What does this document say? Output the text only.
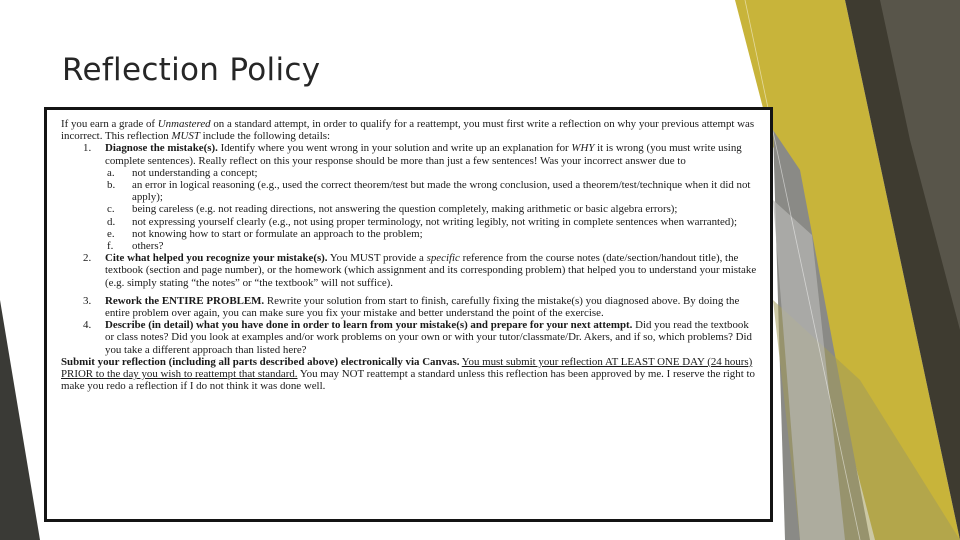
Reflection Policy

If you earn a grade of Unmastered on a standard attempt, in order to qualify for a reattempt, you must first write a reflection on why your previous attempt was incorrect. This reflection MUST include the following details:

1.	Diagnose the mistake(s). Identify where you went wrong in your solution and write up an explanation for WHY it is wrong (you must write using complete sentences). Really reflect on this your response should be more than just a few sentences! Was your incorrect answer due to
a.	not understanding a concept;
b.	an error in logical reasoning (e.g., used the correct theorem/test but made the wrong conclusion, used a theorem/test/technique when it did not apply);
c.	being careless (e.g. not reading directions, not answering the question completely, making arithmetic or basic algebra errors);
d.	not expressing yourself clearly (e.g., not using proper terminology, not writing legibly, not writing in complete sentences when warranted);
e.	not knowing how to start or formulate an approach to the problem;
f.	others?
2.	Cite what helped you recognize your mistake(s). You MUST provide a specific reference from the course notes (date/section/handout title), the textbook (section and page number), or the homework (which assignment and its corresponding problem) that helped you to understand your mistake (e.g. simply stating “the notes” or “the textbook” will not suffice).
3.	Rework the ENTIRE PROBLEM. Rewrite your solution from start to finish, carefully fixing the mistake(s) you diagnosed above. By doing the entire problem over again, you can make sure you fix your mistake and better understand the point of the exercise.
4.	Describe (in detail) what you have done in order to learn from your mistake(s) and prepare for your next attempt. Did you read the textbook or class notes? Did you look at examples and/or work problems on your own or with your tutor/classmate/Dr. Akers, and if so, which problems? Did you take a different approach than listed here?

Submit your reflection (including all parts described above) electronically via Canvas. You must submit your reflection AT LEAST ONE DAY (24 hours) PRIOR to the day you wish to reattempt that standard. You may NOT reattempt a standard unless this reflection has been approved by me. I reserve the right to make you redo a reflection if I do not think it was done well.
